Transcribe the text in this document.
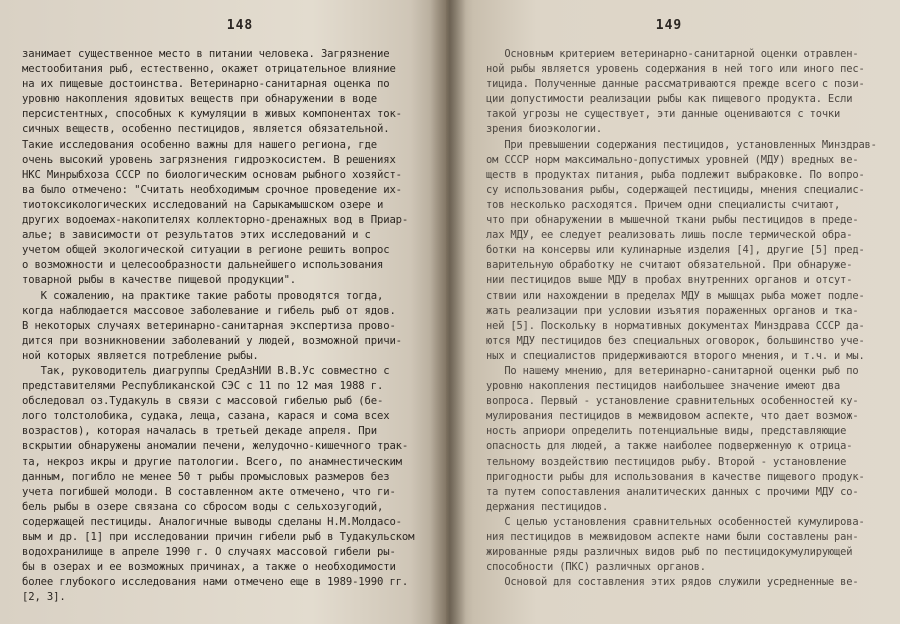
148
занимает существенное место в питании человека. Загрязнение
местообитания рыб, естественно, окажет отрицательное влияние
на их пищевые достоинства. Ветеринарно-санитарная оценка по
уровню накопления ядовитых веществ при обнаружении в воде
персистентных, способных к кумуляции в живых компонентах ток-
сичных веществ, особенно пестицидов, является обязательной.
Такие исследования особенно важны для нашего региона, где
очень высокий уровень загрязнения гидроэкосистем. В решениях
НКС Минрыбхоза СССР по биологическим основам рыбного хозяйст-
ва было отмечено: "Считать необходимым срочное проведение их-
тиотоксикологических исследований на Сарыкамышском озере и
других водоемах-накопителях коллекторно-дренажных вод в Приар-
алье; в зависимости от результатов этих исследований и с
учетом общей экологической ситуации в регионе решить вопрос
о возможности и целесообразности дальнейшего использования
товарной рыбы в качестве пищевой продукции".
К сожалению, на практике такие работы проводятся тогда,
когда наблюдается массовое заболевание и гибель рыб от ядов.
В некоторых случаях ветеринарно-санитарная экспертиза прово-
дится при возникновении заболеваний у людей, возможной причи-
ной которых является потребление рыбы.
Так, руководитель диагруппы СредАзНИИ В.В.Ус совместно с
представителями Республиканской СЭС с 11 по 12 мая 1988 г.
обследовал оз.Тудакуль в связи с массовой гибелью рыб (бе-
лого толстолобика, судака, леща, сазана, карася и сома всех
возрастов), которая началась в третьей декаде апреля. При
вскрытии обнаружены аномалии печени, желудочно-кишечного трак-
та, некроз икры и другие патологии. Всего, по анамнестическим
данным, погибло не менее 50 т рыбы промысловых размеров без
учета погибшей молоди. В составленном акте отмечено, что ги-
бель рыбы в озере связана со сбросом воды с сельхозугодий,
содержащей пестициды. Аналогичные выводы сделаны Н.М.Молдасо-
вым и др. [1] при исследовании причин гибели рыб в Тудакульском
водохранилище в апреле 1990 г. О случаях массовой гибели ры-
бы в озерах и ее возможных причинах, а также о необходимости
более глубокого исследования нами отмечено еще в 1989-1990 гг.
[2, 3].
149
Основным критерием ветеринарно-санитарной оценки отравлен-
ной рыбы является уровень содержания в ней того или иного пес-
тицида. Полученные данные рассматриваются прежде всего с пози-
ции допустимости реализации рыбы как пищевого продукта. Если
такой угрозы не существует, эти данные оцениваются с точки
зрения биоэкологии.
При превышении содержания пестицидов, установленных Минздрав-
ом СССР норм максимально-допустимых уровней (МДУ) вредных ве-
ществ в продуктах питания, рыба подлежит выбраковке. По вопро-
су использования рыбы, содержащей пестициды, мнения специалис-
тов несколько расходятся. Причем одни специалисты считают,
что при обнаружении в мышечной ткани рыбы пестицидов в преде-
лах МДУ, ее следует реализовать лишь после термической обра-
ботки на консервы или кулинарные изделия [4], другие [5] пред-
варительную обработку не считают обязательной. При обнаруже-
нии пестицидов выше МДУ в пробах внутренних органов и отсут-
ствии или нахождении в пределах МДУ в мышцах рыба может подле-
жать реализации при условии изъятия пораженных органов и тка-
ней [5]. Поскольку в нормативных документах Минздрава СССР да-
ются МДУ пестицидов без специальных оговорок, большинство уче-
ных и специалистов придерживаются второго мнения, и т.ч. и мы.
По нашему мнению, для ветеринарно-санитарной оценки рыб по
уровню накопления пестицидов наибольшее значение имеют два
вопроса. Первый - установление сравнительных особенностей ку-
мулирования пестицидов в межвидовом аспекте, что дает возмож-
ность априори определить потенциальные виды, представляющие
опасность для людей, а также наиболее подверженную к отрица-
тельному воздействию пестицидов рыбу. Второй - установление
пригодности рыбы для использования в качестве пищевого продук-
та путем сопоставления аналитических данных с прочими МДУ со-
держания пестицидов.
С целью установления сравнительных особенностей кумулирова-
ния пестицидов в межвидовом аспекте нами были составлены ран-
жированные ряды различных видов рыб по пестицидокумулирующей
способности (ПКС) различных органов.
Основой для составления этих рядов служили усредненные ве-
